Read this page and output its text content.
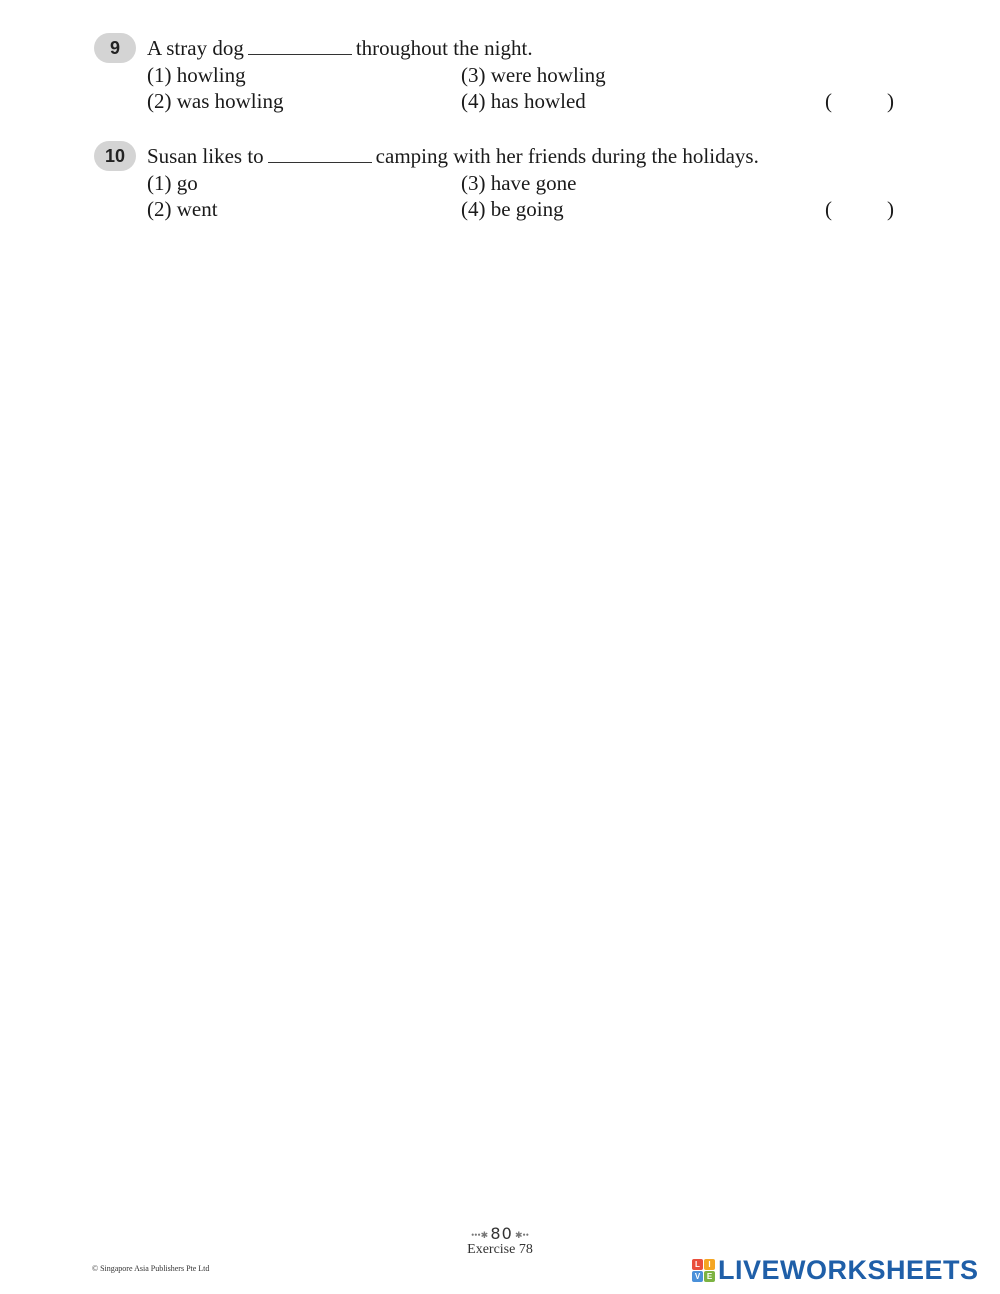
9	A stray dog	throughout the night.
(1) howling
(2) was howling
(3) were howling
(4) has howled	(	)
10	Susan likes to	camping with her friends during the holidays.
(1) go
(2) went
(3) have gone
(4) be going	(	)
•••✱ 80 ✱••
Exercise 78
© Singapore Asia Publishers Pte Ltd	L	I
V E LIVEWORKSHEETS
